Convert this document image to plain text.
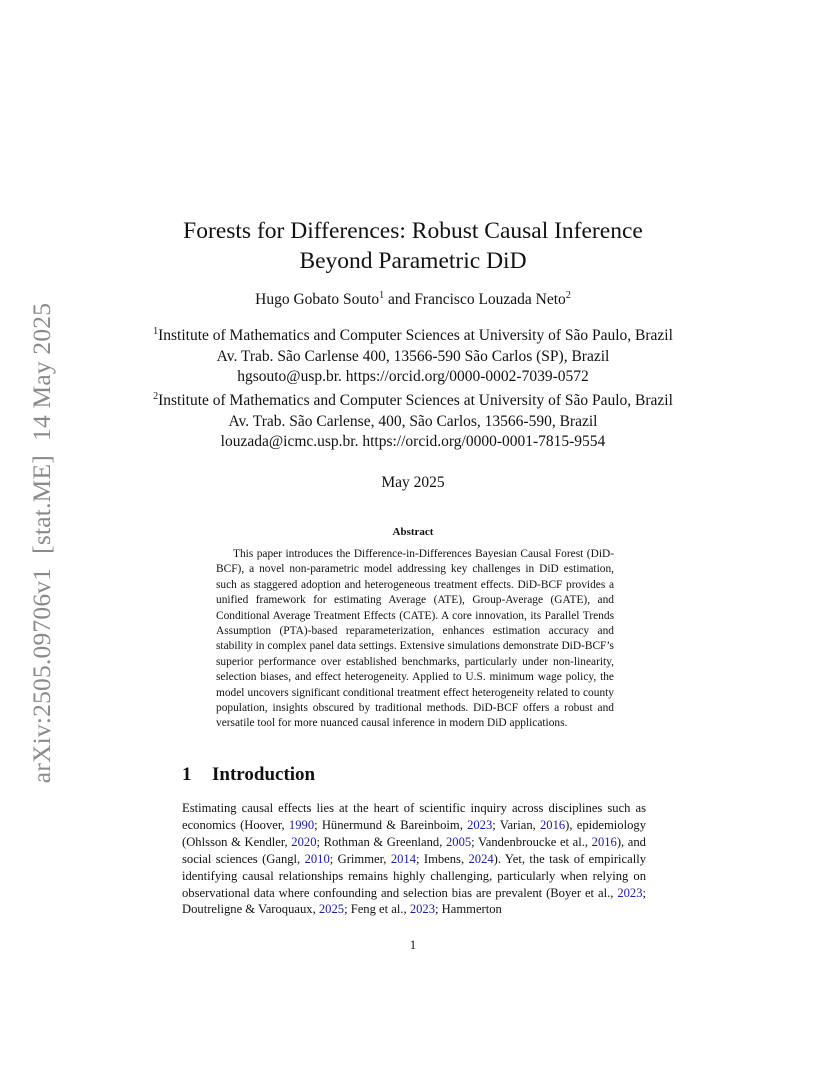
arXiv:2505.09706v1[stat.ME]14 May 2025
Forests for Differences: Robust Causal Inference
Beyond Parametric DiD
Hugo Gobato Souto$^1$ and Francisco Louzada Neto$^2$
$^1$Institute of Mathematics and Computer Sciences at University of São Paulo, Brazil
Av. Trab. São Carlense 400, 13566-590 São Carlos (SP), Brazil
hgsouto@usp.br. https://orcid.org/0000-0002-7039-0572
$^2$Institute of Mathematics and Computer Sciences at University of São Paulo, Brazil
Av. Trab. São Carlense, 400, São Carlos, 13566-590, Brazil
louzada@icmc.usp.br. https://orcid.org/0000-0001-7815-9554
May 2025
Abstract
This paper introduces the Difference-in-Differences Bayesian Causal Forest (DiD-BCF), a novel non-parametric model addressing key challenges in DiD estimation, such as staggered adoption and heterogeneous treatment effects. DiD-BCF provides a unified framework for estimating Average (ATE), Group-Average (GATE), and Conditional Average Treatment Effects (CATE). A core innovation, its Parallel Trends Assumption (PTA)-based reparameterization, enhances estimation accuracy and stability in complex panel data settings. Extensive simulations demonstrate DiD-BCF’s superior performance over established benchmarks, particularly under non-linearity, selection biases, and effect heterogeneity. Applied to U.S. minimum wage policy, the model uncovers significant conditional treatment effect heterogeneity related to county population, insights obscured by traditional methods. DiD-BCF offers a robust and versatile tool for more nuanced causal inference in modern DiD applications.
1 Introduction
Estimating causal effects lies at the heart of scientific inquiry across disciplines such as economics (Hoover, 1990; Hünermund & Bareinboim, 2023; Varian, 2016), epidemiology (Ohlsson & Kendler, 2020; Rothman & Greenland, 2005; Vandenbroucke et al., 2016), and social sciences (Gangl, 2010; Grimmer, 2014; Imbens, 2024). Yet, the task of empirically identifying causal relationships remains highly challenging, particularly when relying on observational data where confounding and selection bias are prevalent (Boyer et al., 2023; Doutreligne & Varoquaux, 2025; Feng et al., 2023; Hammerton
1
